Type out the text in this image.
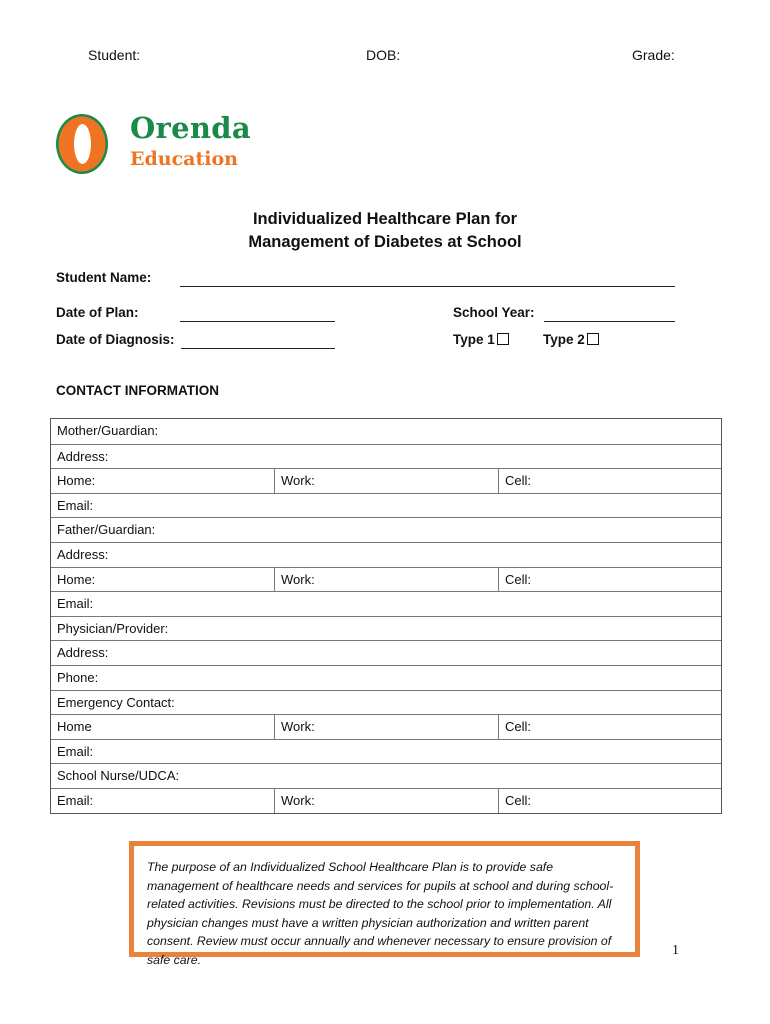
Student:	DOB:	Grade:
Orenda
Education
Individualized Healthcare Plan for
Management of Diabetes at School
Student Name:
Date of Plan:	School Year:
Date of Diagnosis:	Type 1	Type 2
CONTACT INFORMATION
Mother/Guardian:
Address:
Home:	Work:	Cell:
Email:
Father/Guardian:
Address:
Home:	Work:	Cell:
Email:
Physician/Provider:
Address:
Phone:
Emergency Contact:
Home	Work:	Cell:
Email:
School Nurse/UDCA:
Email:	Work:	Cell:
The purpose of an Individualized School Healthcare Plan is to provide safe management of healthcare needs and services for pupils at school and during school-related activities. Revisions must be directed to the school prior to implementation. All physician changes must have a written physician authorization and written parent consent. Review must occur annually and whenever necessary to ensure provision of safe care.
1
